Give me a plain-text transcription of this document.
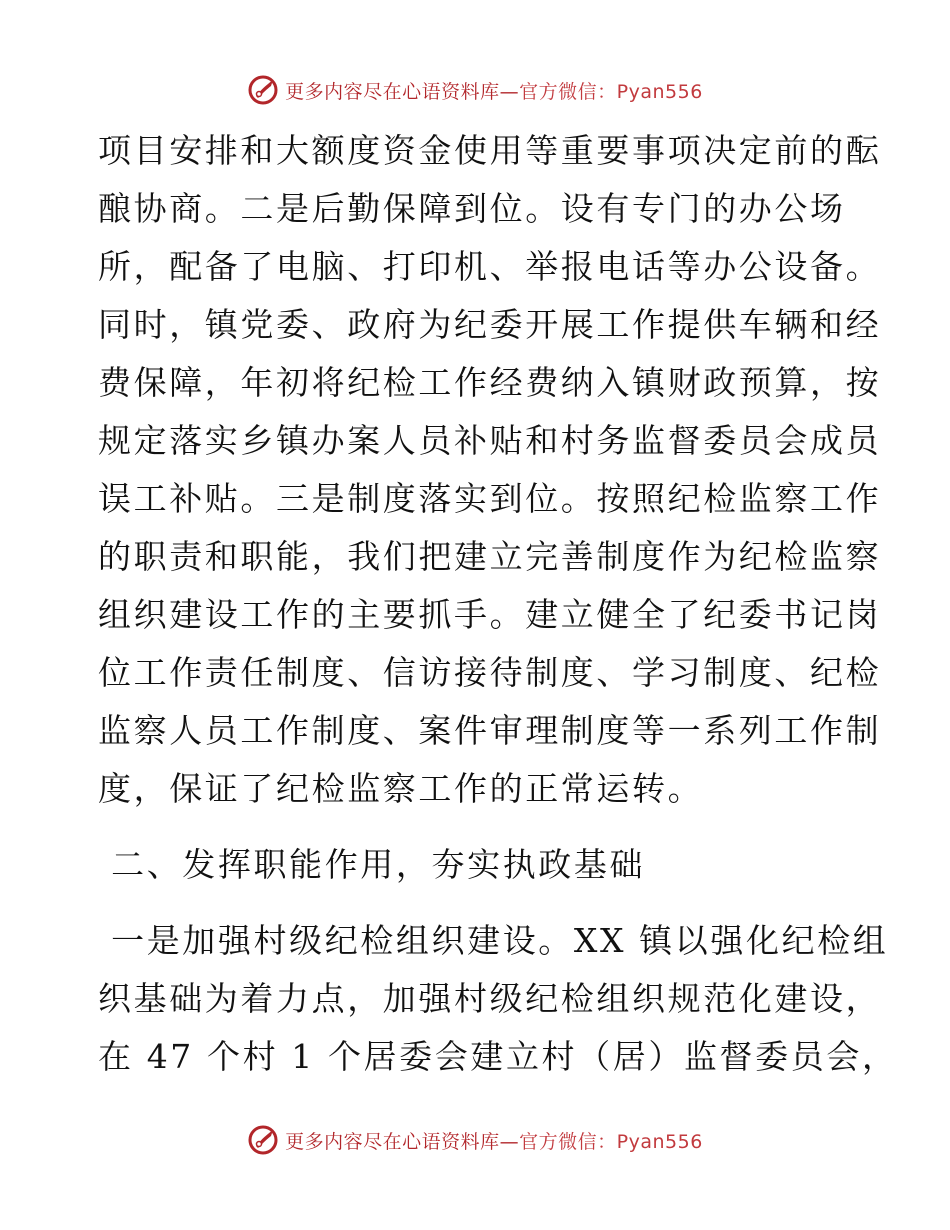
更多内容尽在心语资料库—官方微信：Pyan556
项目安排和大额度资金使用等重要事项决定前的酝
酿协商。二是后勤保障到位。设有专门的办公场
所，配备了电脑、打印机、举报电话等办公设备。
同时，镇党委、政府为纪委开展工作提供车辆和经
费保障，年初将纪检工作经费纳入镇财政预算，按
规定落实乡镇办案人员补贴和村务监督委员会成员
误工补贴。三是制度落实到位。按照纪检监察工作
的职责和职能，我们把建立完善制度作为纪检监察
组织建设工作的主要抓手。建立健全了纪委书记岗
位工作责任制度、信访接待制度、学习制度、纪检
监察人员工作制度、案件审理制度等一系列工作制
度，保证了纪检监察工作的正常运转。
二、发挥职能作用，夯实执政基础
一是加强村级纪检组织建设。XX 镇以强化纪检组
织基础为着力点，加强村级纪检组织规范化建设，
在 47 个村 1 个居委会建立村（居）监督委员会，
更多内容尽在心语资料库—官方微信：Pyan556
